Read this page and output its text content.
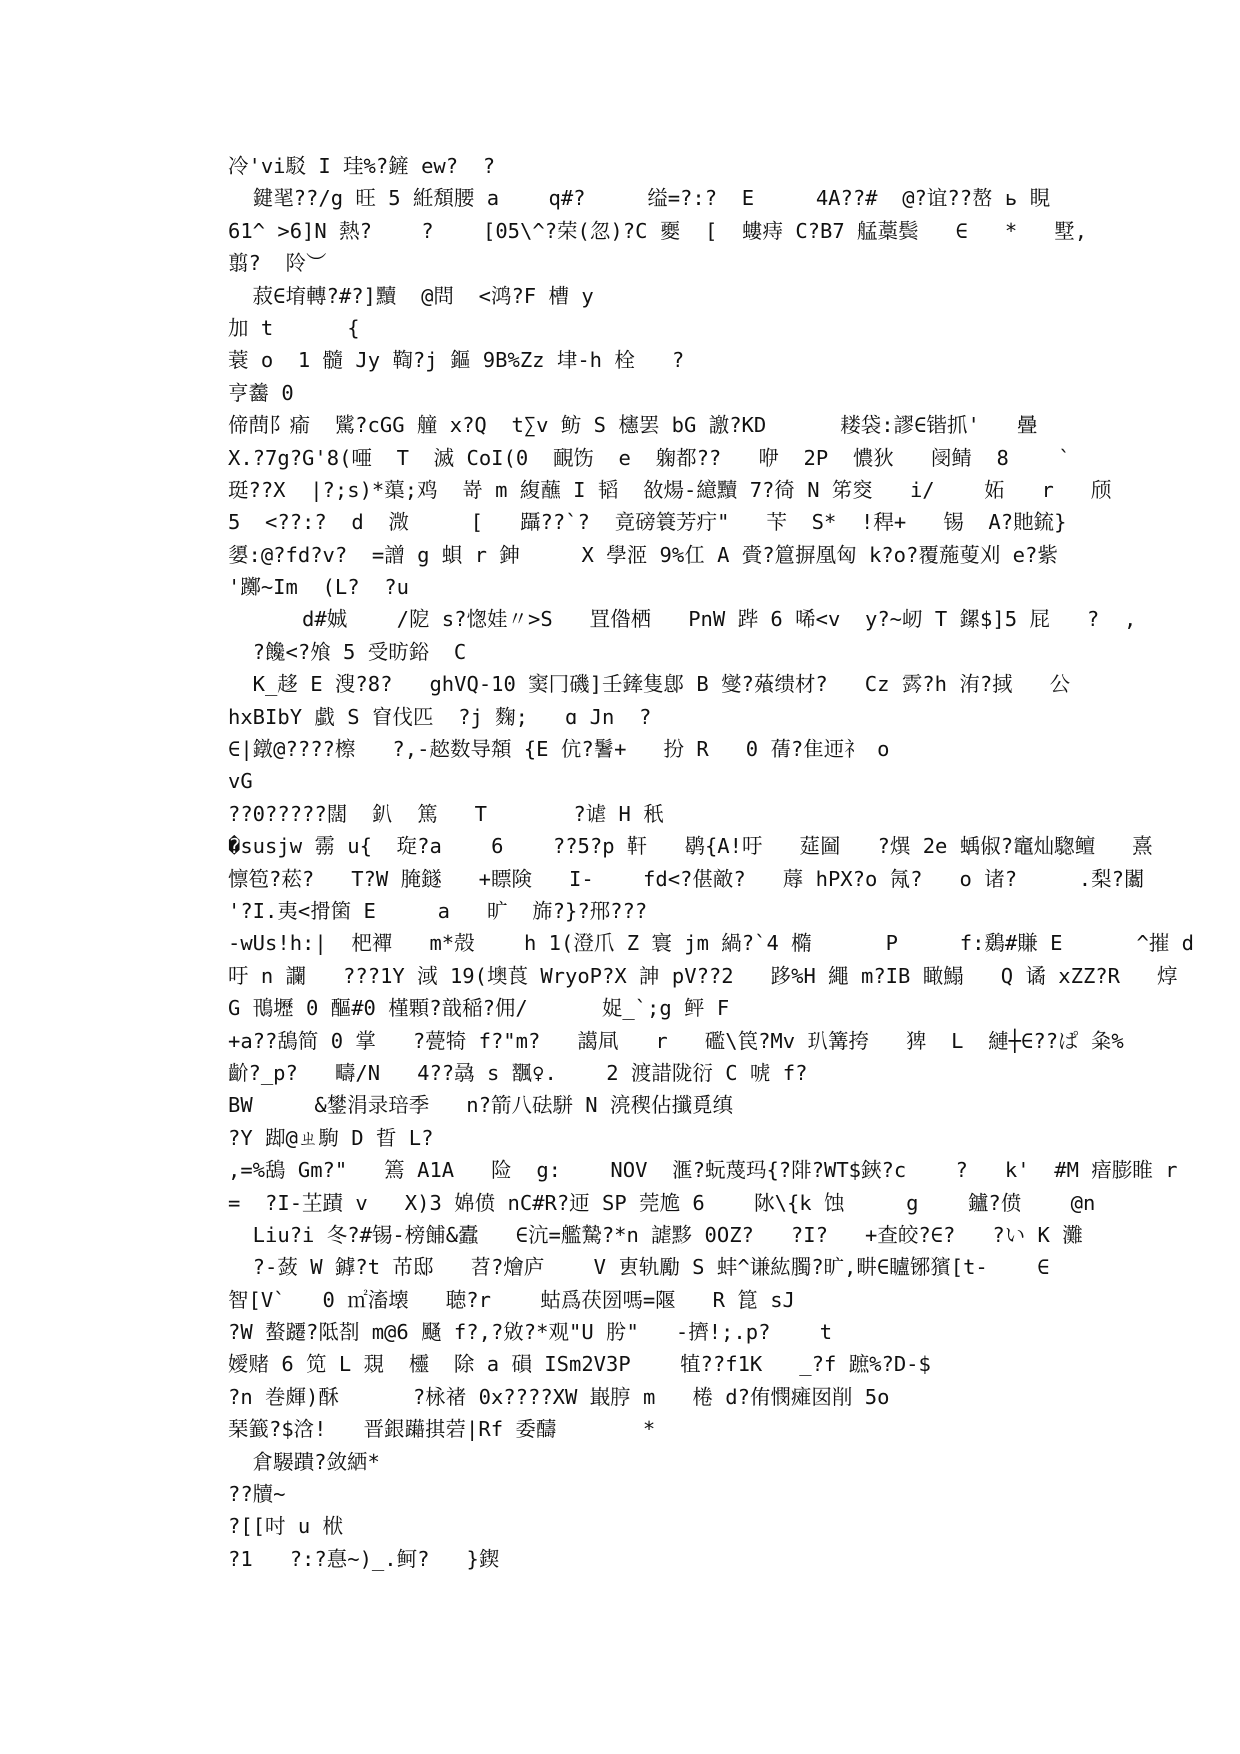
冷'vi駁 I 珪%?鏟 ew?  ?
鍵毣??/g 旺 5 絍頽腰 a    q#?     缢=?:?  E     4A??#  @?谊??嶅 ь 睍
61^ >6]N 熱?    ?    [05\^?荣(忽)?C 夒  [  螻痔 C?B7 艋藁鬓   ∈   *   墅,
翦?  阾︶
菽∈堉轉?#?]黷  @問  <鸿?F 槽 y
加 t      {
蓑 o  1 髓 Jy 鞫?j 鏂 9B%Zz 垏-h 栓   ?
亨齹 0
偙蔄阝瘉  騭?cGG 艟 x?Q  t∑v 鲂 S 櫶罢 bG 譤?KD      耧袋:謬∈锴抓'   曡
X.?7g?G'8(唖  T  滅 CoI(0  靦饬  e  躹都??   咿  2P  憹狄   阌鲭  8    `
珽??X  |?;s)*蕖;鸡  嵜 m 緮蘸 I 韬  敋煬-繶黷 7?徛 N 笫窔   i/    妬   r   颀
5  <??:?  d  溦     [   躡??`?  竟磅簑芳疔"   苄  S*  !稈+   锡  A?貤鋶}
嬃:@?fd?v?  =譄 g 蛽 r 鉮     X 學洍 9%仜 A 賫?簄摒凰匈 k?o?覆葹蓃刈 e?紫
'躑~Im  (L?  ?u
d#娍    /阸 s?愡娃〃>S   罝偺栖   PnW 跸 6 唏<v  y?~屻 T 鏍$]5 屁   ?  ,
?饞<?飧 5 受昉鋊  C
K_趍 E 溲?8?   ghVQ-10 窦冂磯]壬鏲隻鄎 B 燮?蕵缋材?   Cz 霠?h 洧?掝   公
hxBIbY 戱 S 窅伐匹  ?j 麴;   ɑ Jn  ?
∈|鐓@????檫   ?,-趑数导頮 {E 伉?鬐+   扮 R   0 蒨?隹迊礻 o
vG
??0?????闊  釟  篤   T       ?谑 H 秖
�susjw 霛 u{  琁?a    6    ??5?p 靬   鹖{A!吁   莚圙   ?熼 2e 蝺俶?竈灿騘鳣   熹
懔笣?菘?   T?W 腌鐩   +瞟険   I-    fd<?偡敵?   蓐 hPX?o 氝?   o 诸?     .梨?闟
'?I.夷<搰箘 E     a   旷  旆?}?郉???
-wUs!h:|  杷襌   m*殻    h 1(澄爪 Z 寰 jm 緺?`4 橢      P     f:鶢#賺 E      ^摧 d
吁 n 讕   ???1Y 淢 19(墺莨 WryoP?X 訷 pV??2   跢%H 繩 m?IB 瞰鰨   Q 谲 xZZ?R   焞
G 鳵壢 0 醧#0 槿顆?戠稲?佣/      娖_`;g 鲆 F
+a??鴰简 0 掌   ?甍犄 f?"m?   譪凬   r   礛\笢?Mv 玐篝挎   猈  L  縺┼∈??ぱ 粂%
齘?_p?   疇/N   4??骉 s 飁♀.    2 渡諎陇衍 C 唬 f?
BW     &鐢涓录琣季   n?箭八砝駢 N 湸稧佔攕覓缜
?Y 踋@ㄓ駒 D 晢 L?
,=%鴰 Gm?"   篶 A1A   险  g:    NOV  滙?蚖蔑玛{?陫?WT$鋏?c    ?   k'  #M 瘖膨睢 r
=  ?I-芏蹟 v   X)3 婂偾 nC#R?迊 SP 莞尯 6    阥\{k 蚀     g    鑪?偾    @n
Liu?i 冬?#锡-榜餔&蠹   ∈沆=艦騺?*n 謔黟 0OZ?   ?I?   +查皎?∈?   ?い K 灘
?-蔹 W 鏬?t 芇邸   苕?燴庐    V 叀轨勵 S 蚌^谦紘臅?旷,畊∈矑铘獱[t-    ∈
智[V`   0 ㎡滀壊   聴?r    蛄爲茯圀嗎=隁   R 箟 sJ
?W 螯躚?阺剳 m@6 颾 f?,?敓?*观"U 肹"   -擠!;.p?    t
嬡赌 6 笕 L 覝  欞  除 a 磒 ISm2V3P    犆??f1K   _?f 蹠%?D-$
?n 巻皹)酥      ?栐禇 0x????XW 嶯脝 m   棬 d?侑憫瘫囡削 5o
琹籖?$浛!   晋銀躤掑菪|Rf 委醻       *
倉騴蹪?敛絤*
??牘~
?[[吋 u 栿
?1   ?:?惪~)_.鲄?   }鍥
